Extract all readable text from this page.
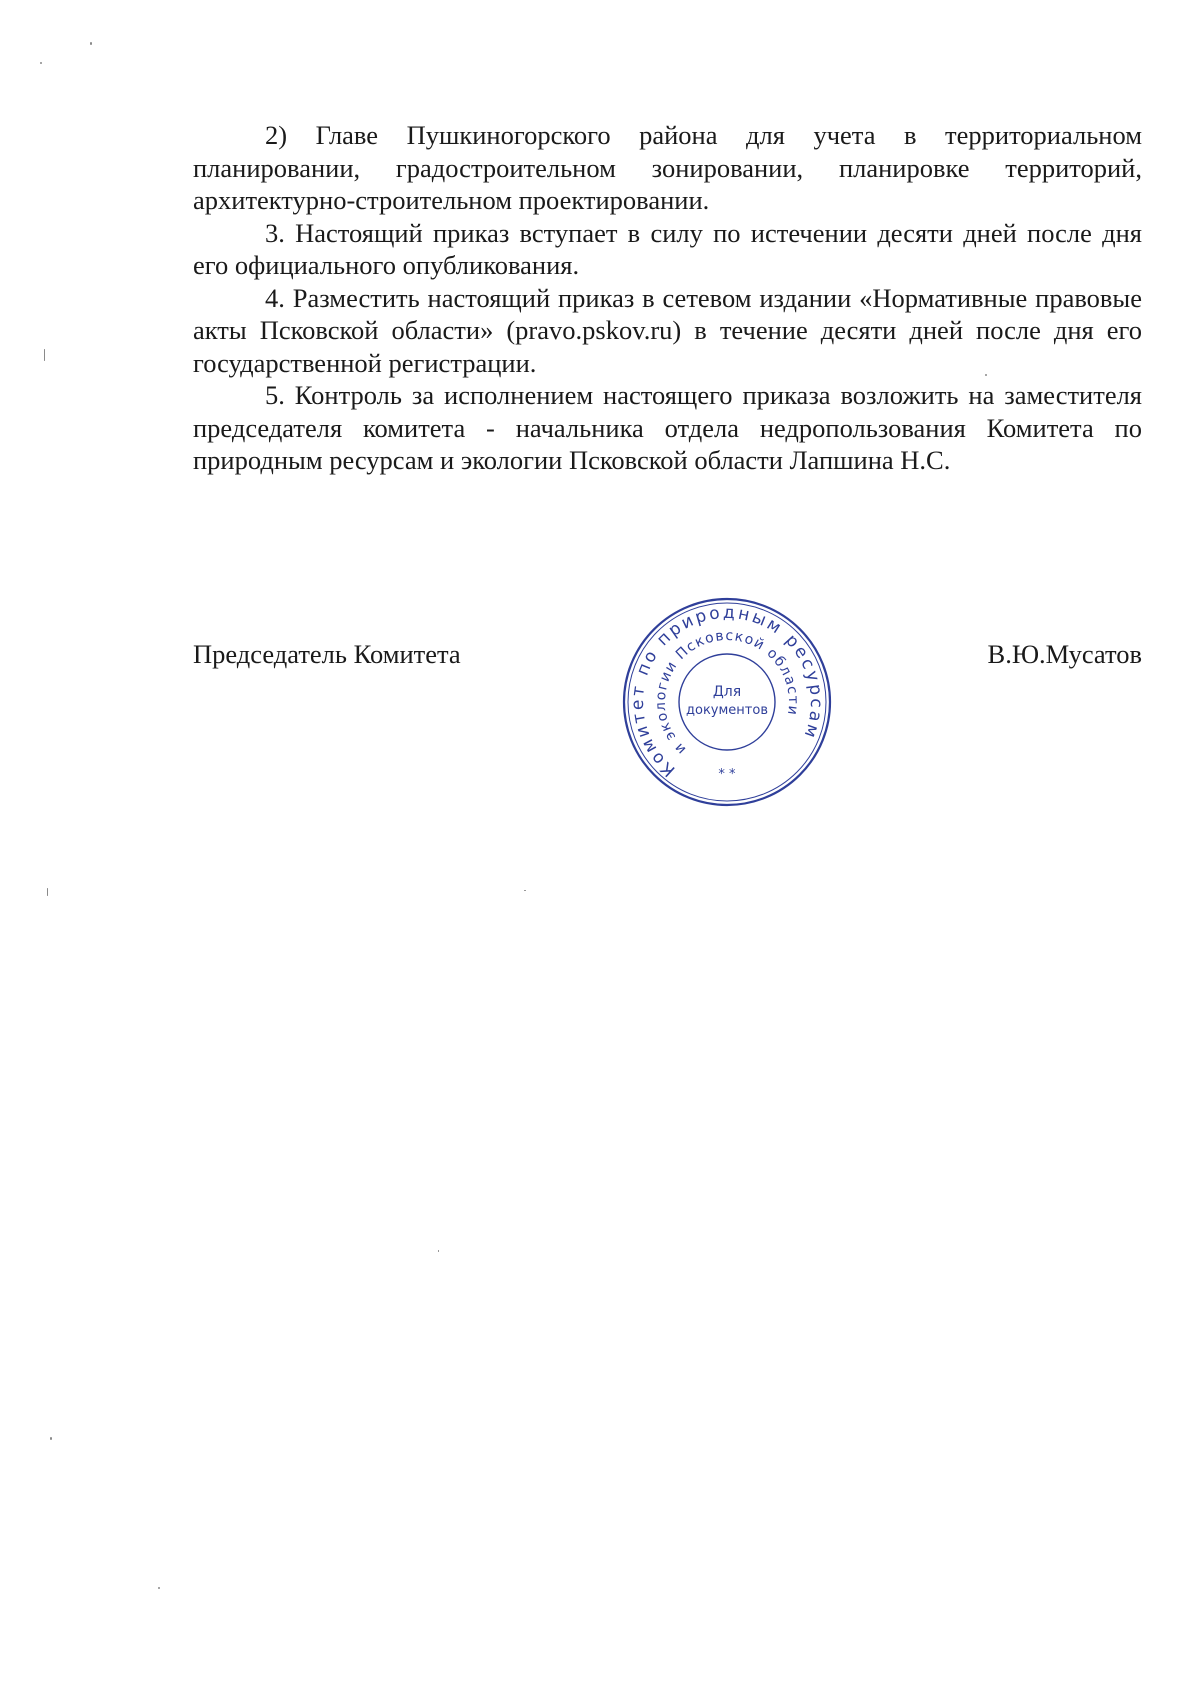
2) Главе Пушкиногорского района для учета в территориальном планировании, градостроительном зонировании, планировке территорий, архитектурно-строительном проектировании.

3. Настоящий приказ вступает в силу по истечении десяти дней после дня его официального опубликования.

4. Разместить настоящий приказ в сетевом издании «Нормативные правовые акты Псковской области» (pravo.pskov.ru) в течение десяти дней после дня его государственной регистрации.

5. Контроль за исполнением настоящего приказа возложить на заместителя председателя комитета - начальника отдела недропользования Комитета по природным ресурсам и экологии Псковской области Лапшина Н.С.

Председатель Комитета	В.Ю.Мусатов
Комитет по природным ресурсам
и экологии Псковской области
Для
документов
* *
